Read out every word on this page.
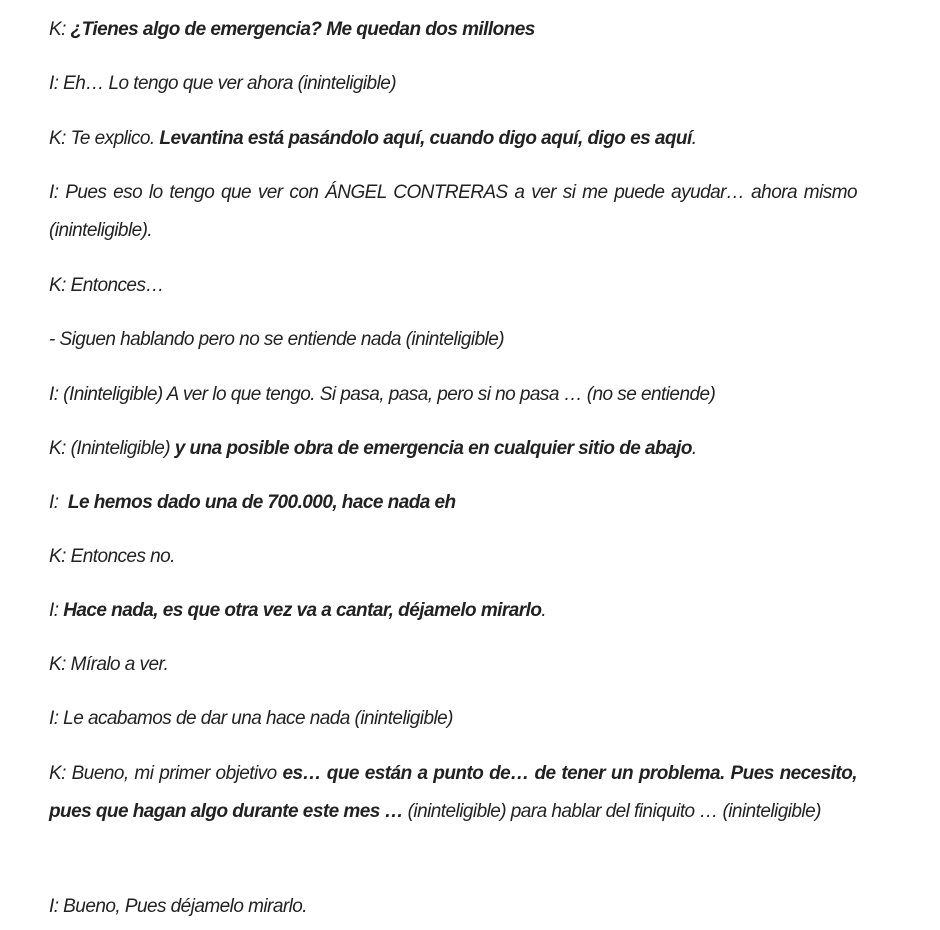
K: ¿Tienes algo de emergencia? Me quedan dos millones
I: Eh… Lo tengo que ver ahora (ininteligible)
K: Te explico. Levantina está pasándolo aquí, cuando digo aquí, digo es aquí.
I: Pues eso lo tengo que ver con ÁNGEL CONTRERAS a ver si me puede ayudar… ahora mismo (ininteligible).
K: Entonces…
- Siguen hablando pero no se entiende nada (ininteligible)
I: (Ininteligible) A ver lo que tengo. Si pasa, pasa, pero si no pasa … (no se entiende)
K: (Ininteligible) y una posible obra de emergencia en cualquier sitio de abajo.
I:  Le hemos dado una de 700.000, hace nada eh
K: Entonces no.
I: Hace nada, es que otra vez va a cantar, déjamelo mirarlo.
K: Míralo a ver.
I: Le acabamos de dar una hace nada (ininteligible)
K: Bueno, mi primer objetivo es… que están a punto de… de tener un problema. Pues necesito, pues que hagan algo durante este mes … (ininteligible) para hablar del finiquito … (ininteligible)
I: Bueno, Pues déjamelo mirarlo.
